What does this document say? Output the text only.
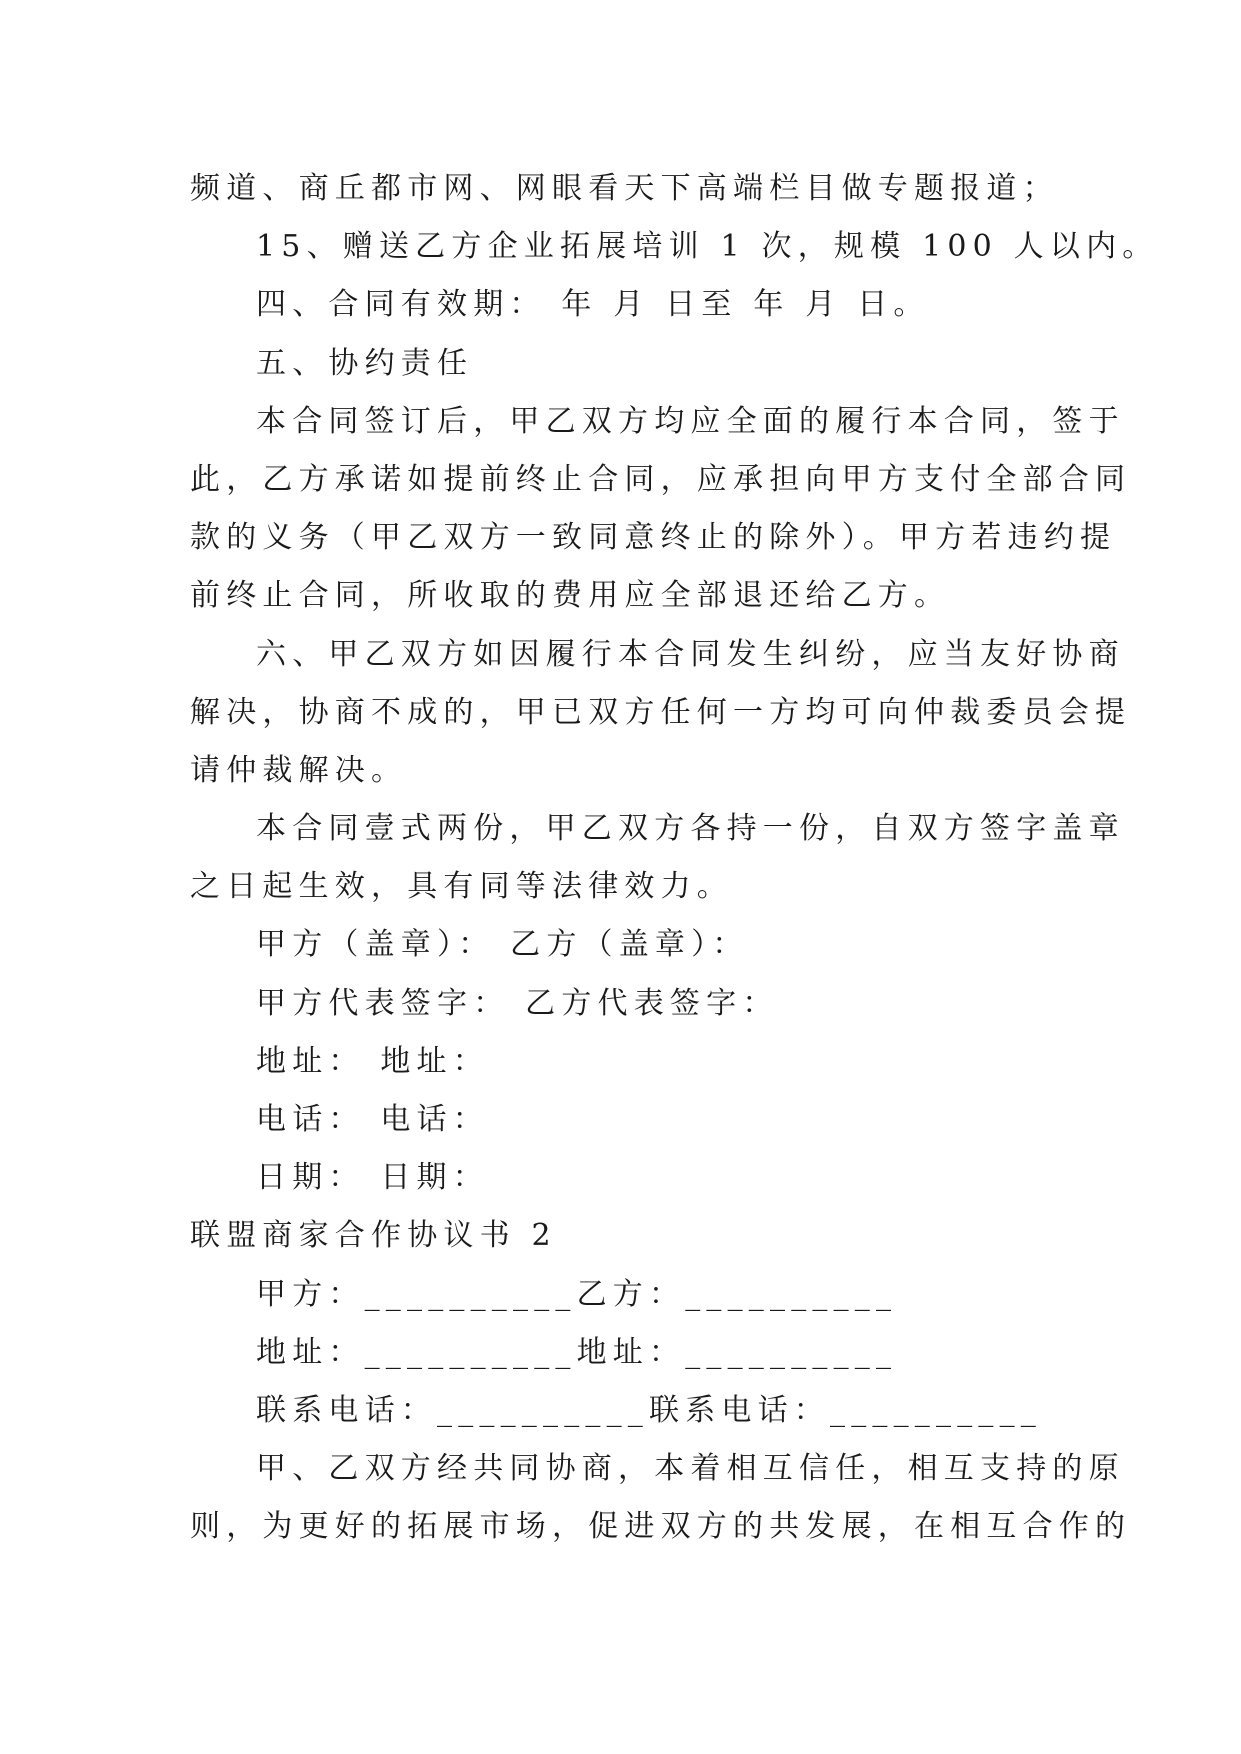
频道、商丘都市网、网眼看天下高端栏目做专题报道；
15、赠送乙方企业拓展培训 1 次，规模 100 人以内。
四、合同有效期： 年 月 日至 年 月 日。
五、协约责任
本合同签订后，甲乙双方均应全面的履行本合同，签于
此，乙方承诺如提前终止合同，应承担向甲方支付全部合同
款的义务（甲乙双方一致同意终止的除外）。甲方若违约提
前终止合同，所收取的费用应全部退还给乙方。
六、甲乙双方如因履行本合同发生纠纷，应当友好协商
解决，协商不成的，甲已双方任何一方均可向仲裁委员会提
请仲裁解决。
本合同壹式两份，甲乙双方各持一份，自双方签字盖章
之日起生效，具有同等法律效力。
甲方（盖章）： 乙方（盖章）：
甲方代表签字： 乙方代表签字：
地址： 地址：
电话： 电话：
日期： 日期：
联盟商家合作协议书 2
甲方：__________乙方：__________
地址：__________地址：__________
联系电话：__________联系电话：__________
甲、乙双方经共同协商，本着相互信任，相互支持的原
则，为更好的拓展市场，促进双方的共发展，在相互合作的
